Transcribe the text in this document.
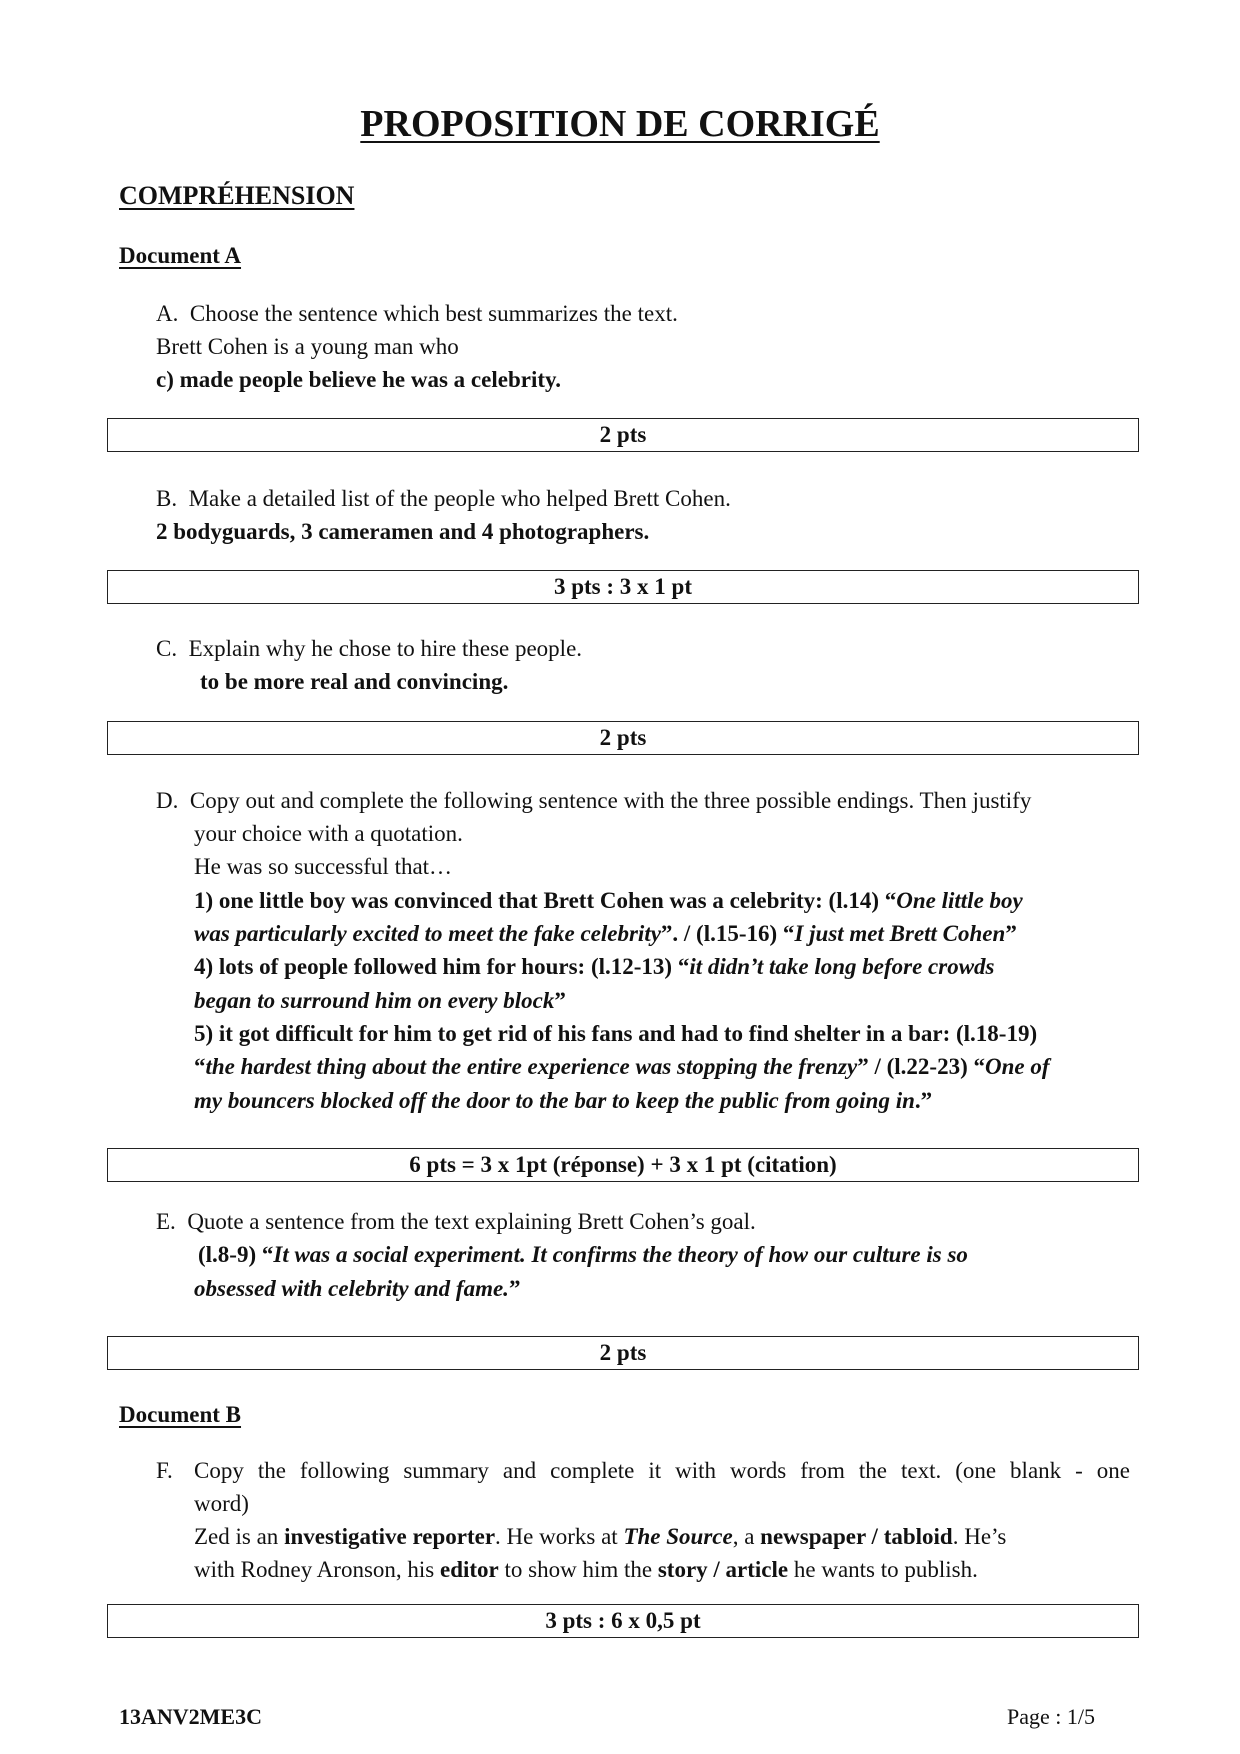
PROPOSITION DE CORRIGÉ
COMPRÉHENSION
Document A
A. Choose the sentence which best summarizes the text.
Brett Cohen is a young man who
c) made people believe he was a celebrity.
2 pts
B. Make a detailed list of the people who helped Brett Cohen.
2 bodyguards, 3 cameramen and 4 photographers.
3 pts : 3 x 1 pt
C. Explain why he chose to hire these people.
to be more real and convincing.
2 pts
D. Copy out and complete the following sentence with the three possible endings. Then justify
your choice with a quotation.
He was so successful that…
1) one little boy was convinced that Brett Cohen was a celebrity: (l.14) “One little boy
was particularly excited to meet the fake celebrity”. / (l.15-16) “I just met Brett Cohen”
4) lots of people followed him for hours: (l.12-13) “it didn’t take long before crowds
began to surround him on every block”
5) it got difficult for him to get rid of his fans and had to find shelter in a bar: (l.18-19)
“the hardest thing about the entire experience was stopping the frenzy” / (l.22-23) “One of
my bouncers blocked off the door to the bar to keep the public from going in.”
6 pts = 3 x 1pt (réponse) + 3 x 1 pt (citation)
E. Quote a sentence from the text explaining Brett Cohen’s goal.
(l.8-9) “It was a social experiment. It confirms the theory of how our culture is so
obsessed with celebrity and fame.”
2 pts
Document B
F. Copy the following summary and complete it with words from the text. (one blank - one
word)
Zed is an investigative reporter. He works at The Source, a newspaper / tabloid. He’s
with Rodney Aronson, his editor to show him the story / article he wants to publish.
3 pts : 6 x 0,5 pt
13ANV2ME3C	Page : 1/5
